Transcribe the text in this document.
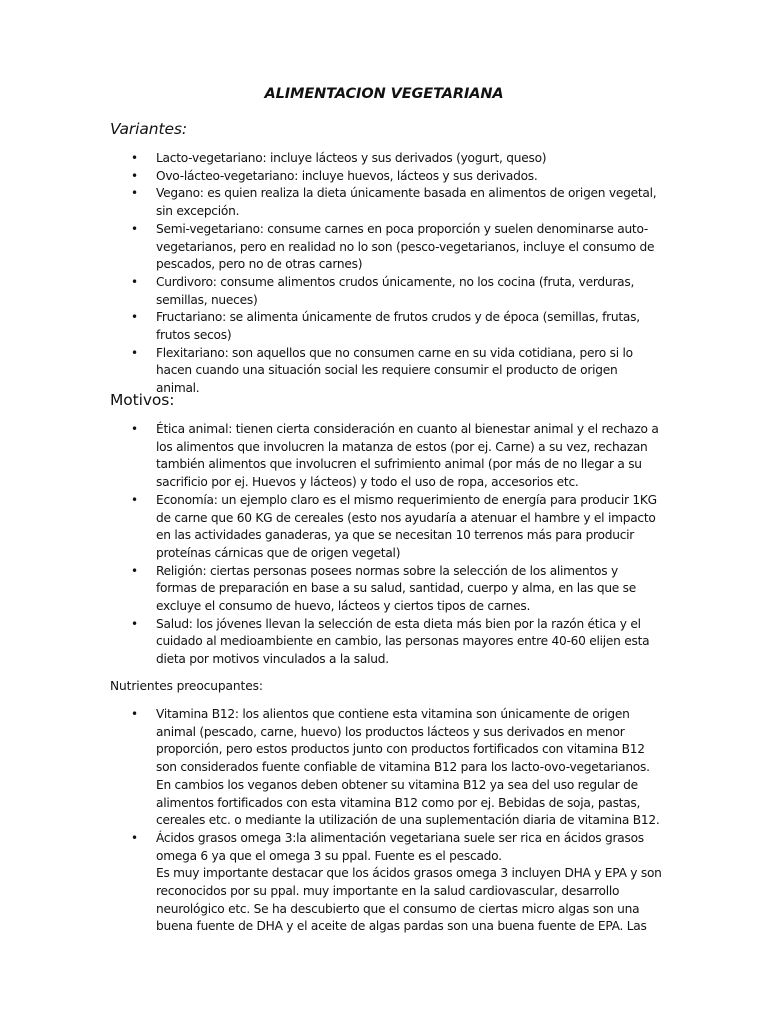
ALIMENTACION VEGETARIANA
Variantes:
• Lacto-vegetariano: incluye lácteos y sus derivados (yogurt, queso)
• Ovo-lácteo-vegetariano: incluye huevos, lácteos y sus derivados.
• Vegano: es quien realiza la dieta únicamente basada en alimentos de origen vegetal, sin excepción.
• Semi-vegetariano: consume carnes en poca proporción y suelen denominarse auto-vegetarianos, pero en realidad no lo son (pesco-vegetarianos, incluye el consumo de pescados, pero no de otras carnes)
• Curdivoro: consume alimentos crudos únicamente, no los cocina (fruta, verduras, semillas, nueces)
• Fructariano: se alimenta únicamente de frutos crudos y de época (semillas, frutas, frutos secos)
• Flexitariano: son aquellos que no consumen carne en su vida cotidiana, pero si lo hacen cuando una situación social les requiere consumir el producto de origen animal.
Motivos:
• Ética animal: tienen cierta consideración en cuanto al bienestar animal y el rechazo a los alimentos que involucren la matanza de estos (por ej. Carne) a su vez, rechazan también alimentos que involucren el sufrimiento animal (por más de no llegar a su sacrificio por ej. Huevos y lácteos) y todo el uso de ropa, accesorios etc.
• Economía: un ejemplo claro es el mismo requerimiento de energía para producir 1KG de carne que 60 KG de cereales (esto nos ayudaría a atenuar el hambre y el impacto en las actividades ganaderas, ya que se necesitan 10 terrenos más para producir proteínas cárnicas que de origen vegetal)
• Religión: ciertas personas posees normas sobre la selección de los alimentos y formas de preparación en base a su salud, santidad, cuerpo y alma, en las que se excluye el consumo de huevo, lácteos y ciertos tipos de carnes.
• Salud: los jóvenes llevan la selección de esta dieta más bien por la razón ética y el cuidado al medioambiente en cambio, las personas mayores entre 40-60 elijen esta dieta por motivos vinculados a la salud.
Nutrientes preocupantes:
• Vitamina B12: los alientos que contiene esta vitamina son únicamente de origen animal (pescado, carne, huevo) los productos lácteos y sus derivados en menor proporción, pero estos productos junto con productos fortificados con vitamina B12 son considerados fuente confiable de vitamina B12 para los lacto-ovo-vegetarianos. En cambios los veganos deben obtener su vitamina B12 ya sea del uso regular de alimentos fortificados con esta vitamina B12 como por ej. Bebidas de soja, pastas, cereales etc. o mediante la utilización de una suplementación diaria de vitamina B12.
• Ácidos grasos omega 3:la alimentación vegetariana suele ser rica en ácidos grasos omega 6 ya que el omega 3 su ppal. Fuente es el pescado.
Es muy importante destacar que los ácidos grasos omega 3 incluyen DHA y EPA y son reconocidos por su ppal. muy importante en la salud cardiovascular, desarrollo neurológico etc. Se ha descubierto que el consumo de ciertas micro algas son una buena fuente de DHA y el aceite de algas pardas son una buena fuente de EPA. Las
